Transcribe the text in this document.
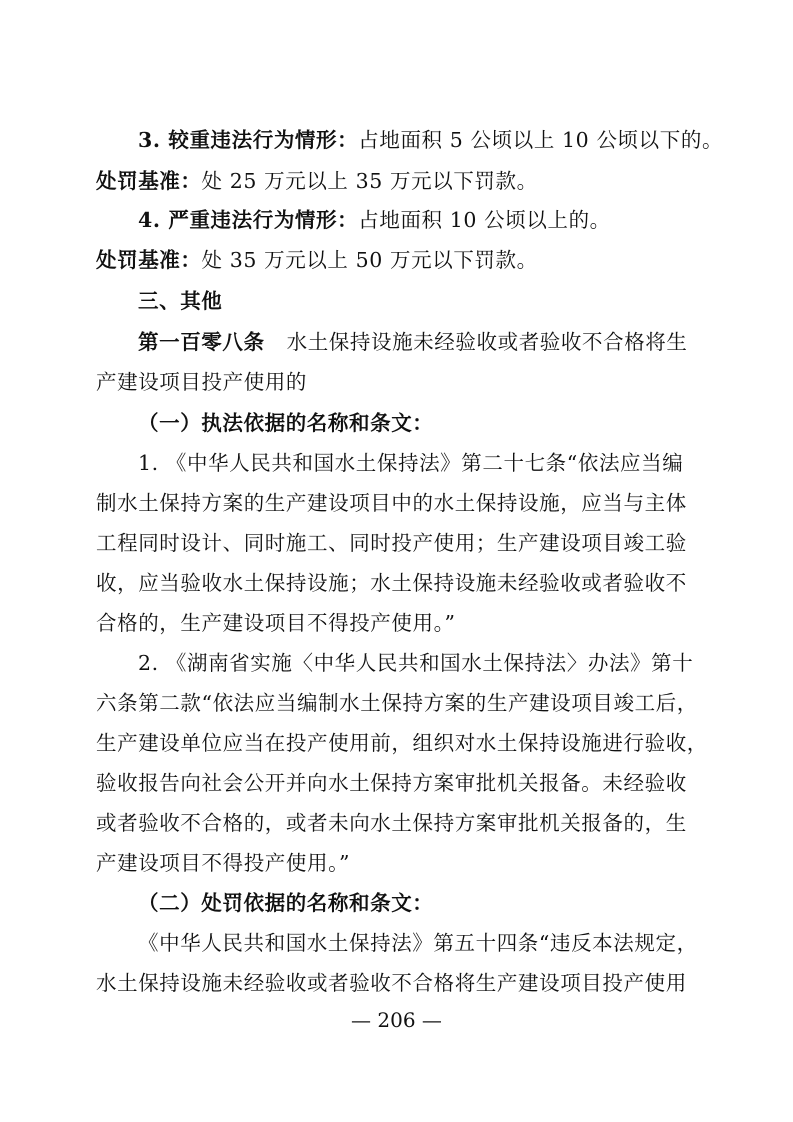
3. 较重违法行为情形：占地面积 5 公顷以上 10 公顷以下的。
处罚基准：处 25 万元以上 35 万元以下罚款。
4. 严重违法行为情形：占地面积 10 公顷以上的。
处罚基准：处 35 万元以上 50 万元以下罚款。
三、其他
第一百零八条 水土保持设施未经验收或者验收不合格将生
产建设项目投产使用的
（一）执法依据的名称和条文：
1. 《中华人民共和国水土保持法》第二十七条“依法应当编
制水土保持方案的生产建设项目中的水土保持设施，应当与主体
工程同时设计、同时施工、同时投产使用；生产建设项目竣工验
收，应当验收水土保持设施；水土保持设施未经验收或者验收不
合格的，生产建设项目不得投产使用。”
2. 《湖南省实施〈中华人民共和国水土保持法〉办法》第十
六条第二款“依法应当编制水土保持方案的生产建设项目竣工后，
生产建设单位应当在投产使用前，组织对水土保持设施进行验收，
验收报告向社会公开并向水土保持方案审批机关报备。未经验收
或者验收不合格的，或者未向水土保持方案审批机关报备的，生
产建设项目不得投产使用。”
（二）处罚依据的名称和条文：
《中华人民共和国水土保持法》第五十四条“违反本法规定，
水土保持设施未经验收或者验收不合格将生产建设项目投产使用
— 206 —
